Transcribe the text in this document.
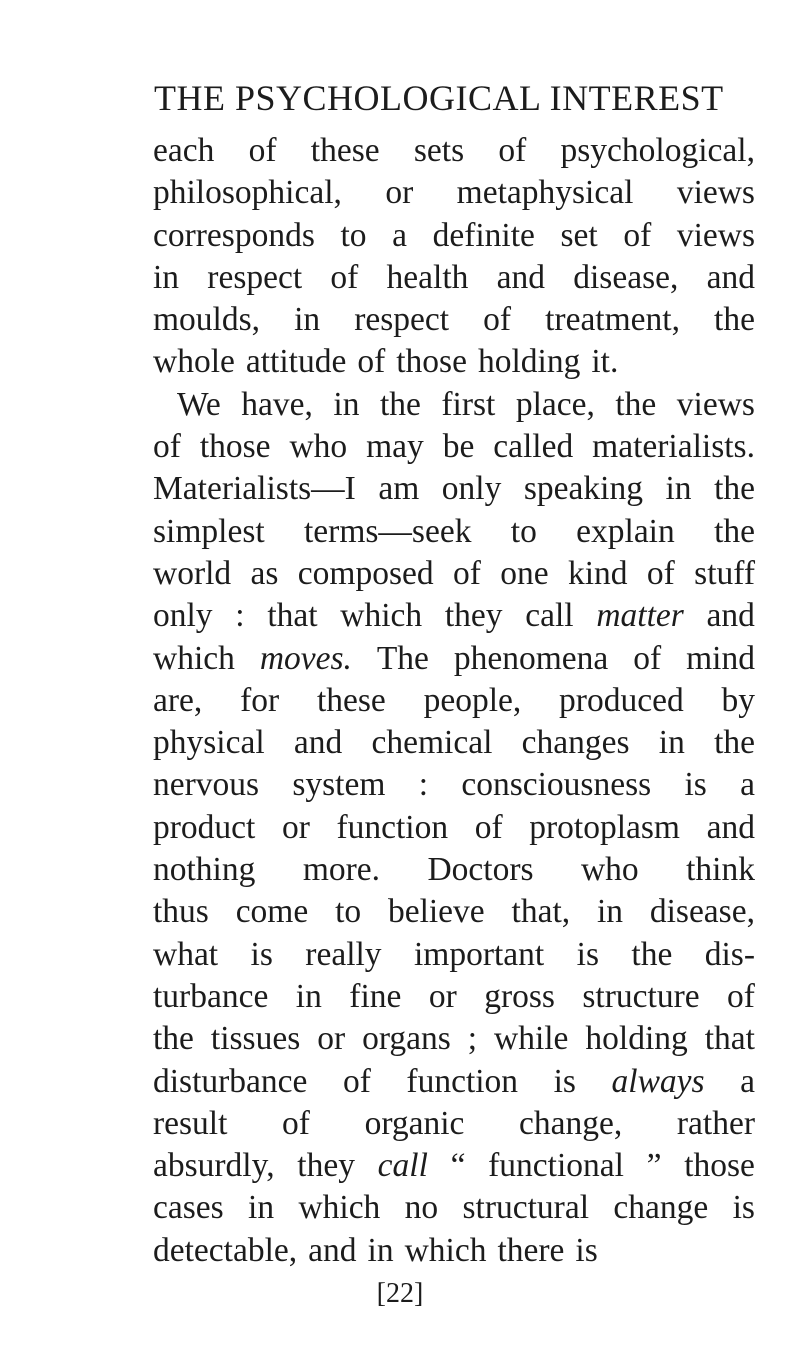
THE PSYCHOLOGICAL INTEREST
each of these sets of psychological,
philosophical, or metaphysical views
corresponds to a definite set of views
in respect of health and disease, and
moulds, in respect of treatment, the
whole attitude of those holding it.
We have, in the first place, the views
of those who may be called materialists.
Materialists—I am only speaking in the
simplest terms—seek to explain the
world as composed of one kind of stuff
only : that which they call matter and
which moves. The phenomena of mind
are, for these people, produced by
physical and chemical changes in the
nervous system : consciousness is a
product or function of protoplasm and
nothing more. Doctors who think
thus come to believe that, in disease,
what is really important is the dis-
turbance in fine or gross structure of
the tissues or organs ; while holding that
disturbance of function is always a
result of organic change, rather
absurdly, they call “ functional ” those
cases in which no structural change is
detectable, and in which there is
[22]
